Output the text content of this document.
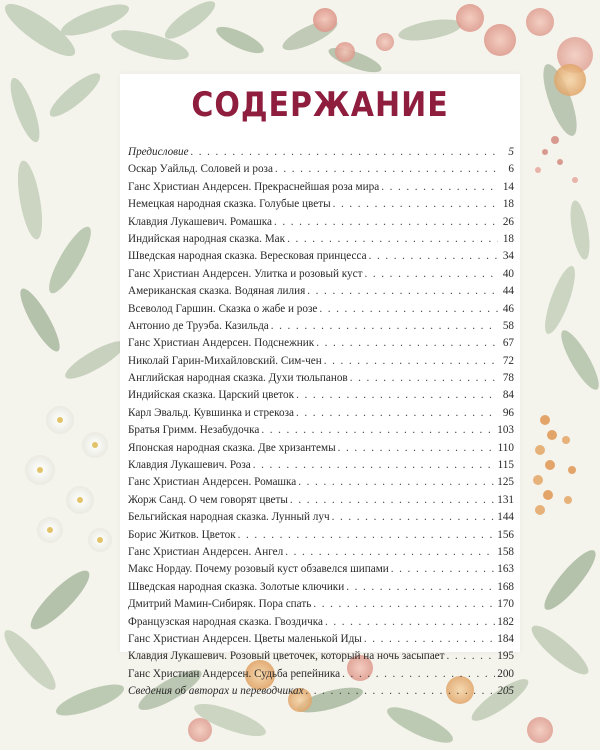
СОДЕРЖАНИЕ
Предисловие . . .	5
Оскар Уайльд. Соловей и роза . . .	6
Ганс Христиан Андерсен. Прекраснейшая роза мира . . .	14
Немецкая народная сказка. Голубые цветы . . .	18
Клавдия Лукашевич. Ромашка . . .	26
Индийская народная сказка. Мак . . .	18
Шведская народная сказка. Вересковая принцесса . . .	34
Ганс Христиан Андерсен. Улитка и розовый куст . . .	40
Американская сказка. Водяная лилия . . .	44
Всеволод Гаршин. Сказка о жабе и розе . . .	46
Антонио де Труэба. Казильда . . .	58
Ганс Христиан Андерсен. Подснежник . . .	67
Николай Гарин-Михайловский. Сим-чен . . .	72
Английская народная сказка. Духи тюльпанов . . .	78
Индийская сказка. Царский цветок . . .	84
Карл Эвальд. Кувшинка и стрекоза . . .	96
Братья Гримм. Незабудочка . . .	103
Японская народная сказка. Две хризантемы . . .	110
Клавдия Лукашевич. Роза . . .	115
Ганс Христиан Андерсен. Ромашка . . .	125
Жорж Санд. О чем говорят цветы . . .	131
Бельгийская народная сказка. Лунный луч . . .	144
Борис Житков. Цветок . . .	156
Ганс Христиан Андерсен. Ангел . . .	158
Макс Нордау. Почему розовый куст обзавелся шипами . . .	163
Шведская народная сказка. Золотые ключики . . .	168
Дмитрий Мамин-Сибиряк. Пора спать . . .	170
Французская народная сказка. Гвоздичка . . .	182
Ганс Христиан Андерсен. Цветы маленькой Иды . . .	184
Клавдия Лукашевич. Розовый цветочек, который на ночь засыпает . . .	195
Ганс Христиан Андерсен. Судьба репейника . . .	200
Сведения об авторах и переводчиках . . .	205
